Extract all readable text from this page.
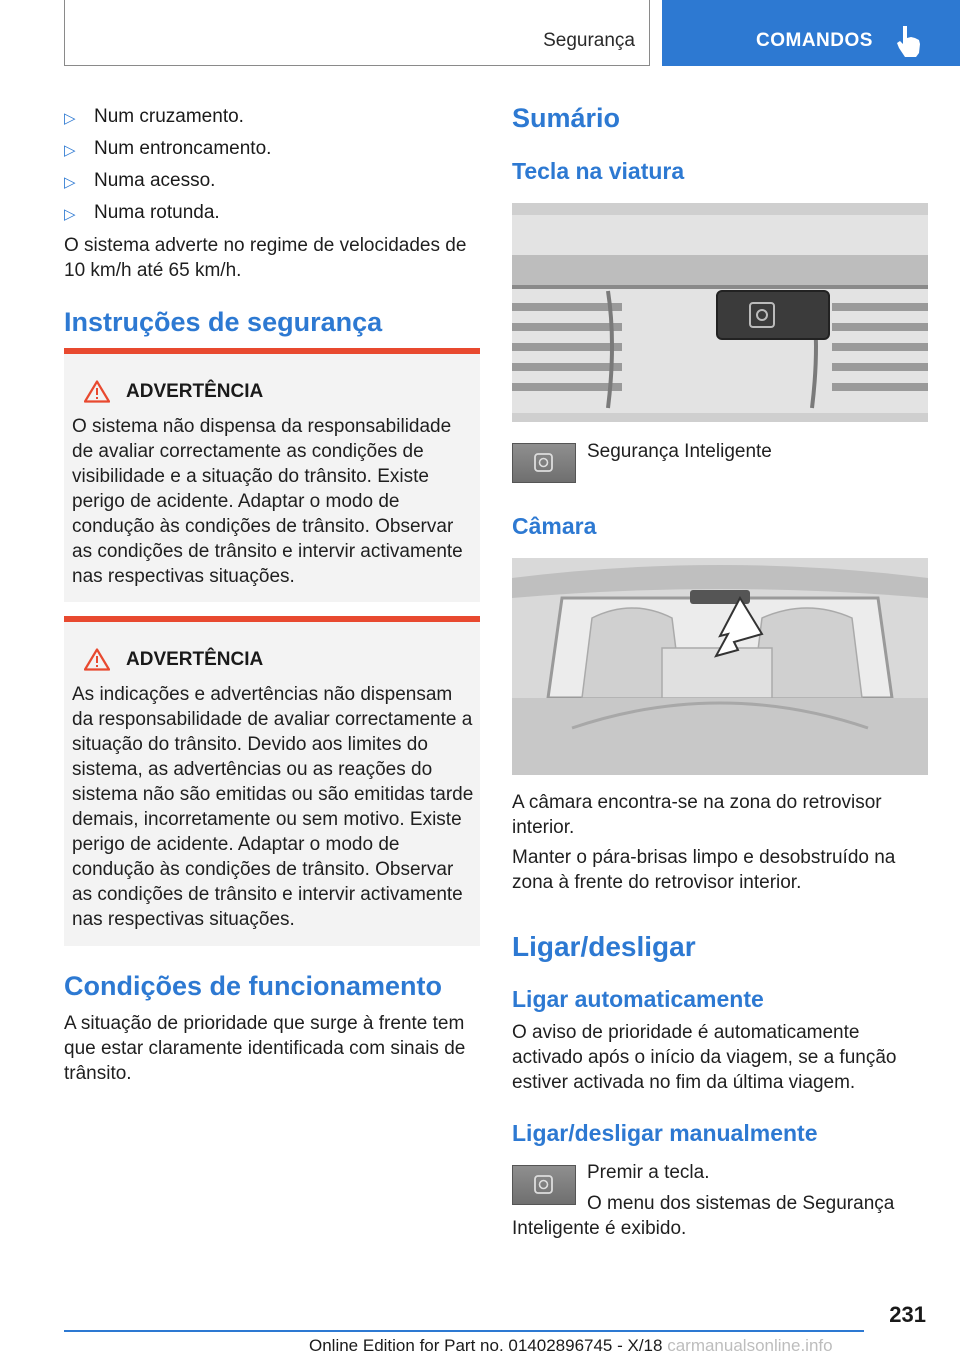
Segurança	COMANDOS
▷ Num cruzamento.
▷ Num entroncamento.
▷ Numa acesso.
▷ Numa rotunda.
O sistema adverte no regime de velocidades de 10 km/h até 65 km/h.
Instruções de segurança
ADVERTÊNCIA
O sistema não dispensa da responsabilidade de avaliar correctamente as condições de visibilidade e a situação do trânsito. Existe perigo de acidente. Adaptar o modo de condução às condições de trânsito. Observar as condições de trânsito e intervir activamente nas respectivas situações.
ADVERTÊNCIA
As indicações e advertências não dispensam da responsabilidade de avaliar correctamente a situação do trânsito. Devido aos limites do sistema, as advertências ou as reações do sistema não são emitidas ou são emitidas tarde demais, incorretamente ou sem motivo. Existe perigo de acidente. Adaptar o modo de condução às condições de trânsito. Observar as condições de trânsito e intervir activamente nas respectivas situações.
Condições de funcionamento
A situação de prioridade que surge à frente tem que estar claramente identificada com sinais de trânsito.
Sumário
Tecla na viatura
Segurança Inteligente
Câmara
A câmara encontra-se na zona do retrovisor interior.
Manter o pára-brisas limpo e desobstruído na zona à frente do retrovisor interior.
Ligar/desligar
Ligar automaticamente
O aviso de prioridade é automaticamente activado após o início da viagem, se a função estiver activada no fim da última viagem.
Ligar/desligar manualmente
Premir a tecla.
O menu dos sistemas de Segurança Inteligente é exibido.
231
Online Edition for Part no. 01402896745 - X/18 carmanualsonline.info
